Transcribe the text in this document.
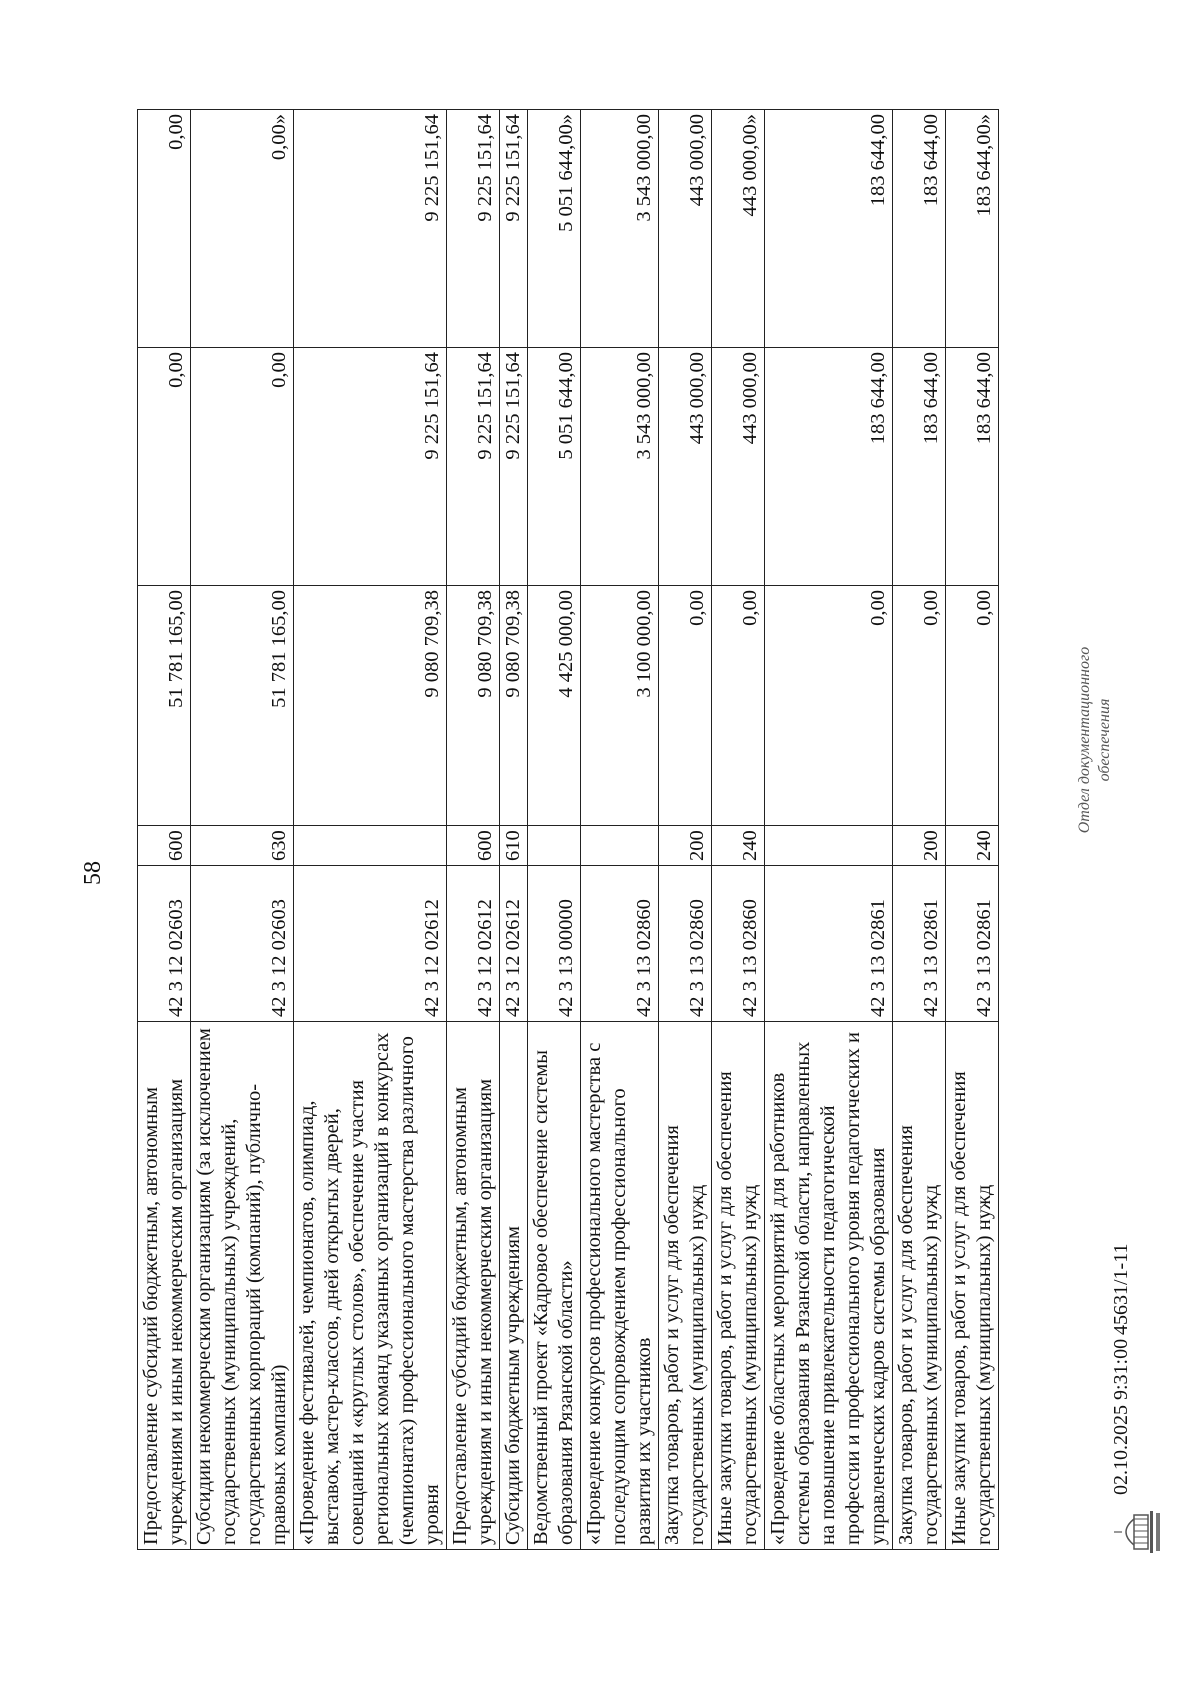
58
Предоставление субсидий бюджетным, автономным учреждениям и иным некоммерческим организациям	42 3 12 02603	600	51 781 165,00	0,00	0,00
Субсидии некоммерческим организациям (за исключением государственных (муниципальных) учреждений, государственных корпораций (компаний), публично-правовых компаний)	42 3 12 02603	630	51 781 165,00	0,00	0,00»
«Проведение фестивалей, чемпионатов, олимпиад, выставок, мастер-классов, дней открытых дверей, совещаний и «круглых столов», обеспечение участия региональных команд указанных организаций в конкурсах (чемпионатах) профессионального мастерства различного уровня	42 3 12 02612		9 080 709,38	9 225 151,64	9 225 151,64
Предоставление субсидий бюджетным, автономным учреждениям и иным некоммерческим организациям	42 3 12 02612	600	9 080 709,38	9 225 151,64	9 225 151,64
Субсидии бюджетным учреждениям	42 3 12 02612	610	9 080 709,38	9 225 151,64	9 225 151,64
Ведомственный проект «Кадровое обеспечение системы образования Рязанской области»	42 3 13 00000		4 425 000,00	5 051 644,00	5 051 644,00»
«Проведение конкурсов профессионального мастерства с последующим сопровождением профессионального развития их участников	42 3 13 02860		3 100 000,00	3 543 000,00	3 543 000,00
Закупка товаров, работ и услуг для обеспечения государственных (муниципальных) нужд	42 3 13 02860	200	0,00	443 000,00	443 000,00
Иные закупки товаров, работ и услуг для обеспечения государственных (муниципальных) нужд	42 3 13 02860	240	0,00	443 000,00	443 000,00»
«Проведение областных мероприятий для работников системы образования в Рязанской области, направленных на повышение привлекательности педагогической профессии и профессионального уровня педагогических и управленческих кадров системы образования	42 3 13 02861		0,00	183 644,00	183 644,00
Закупка товаров, работ и услуг для обеспечения государственных (муниципальных) нужд	42 3 13 02861	200	0,00	183 644,00	183 644,00
Иные закупки товаров, работ и услуг для обеспечения государственных (муниципальных) нужд	42 3 13 02861	240	0,00	183 644,00	183 644,00»
02.10.2025 9:31:00
45631/1-11
Отдел документационного обеспечения
